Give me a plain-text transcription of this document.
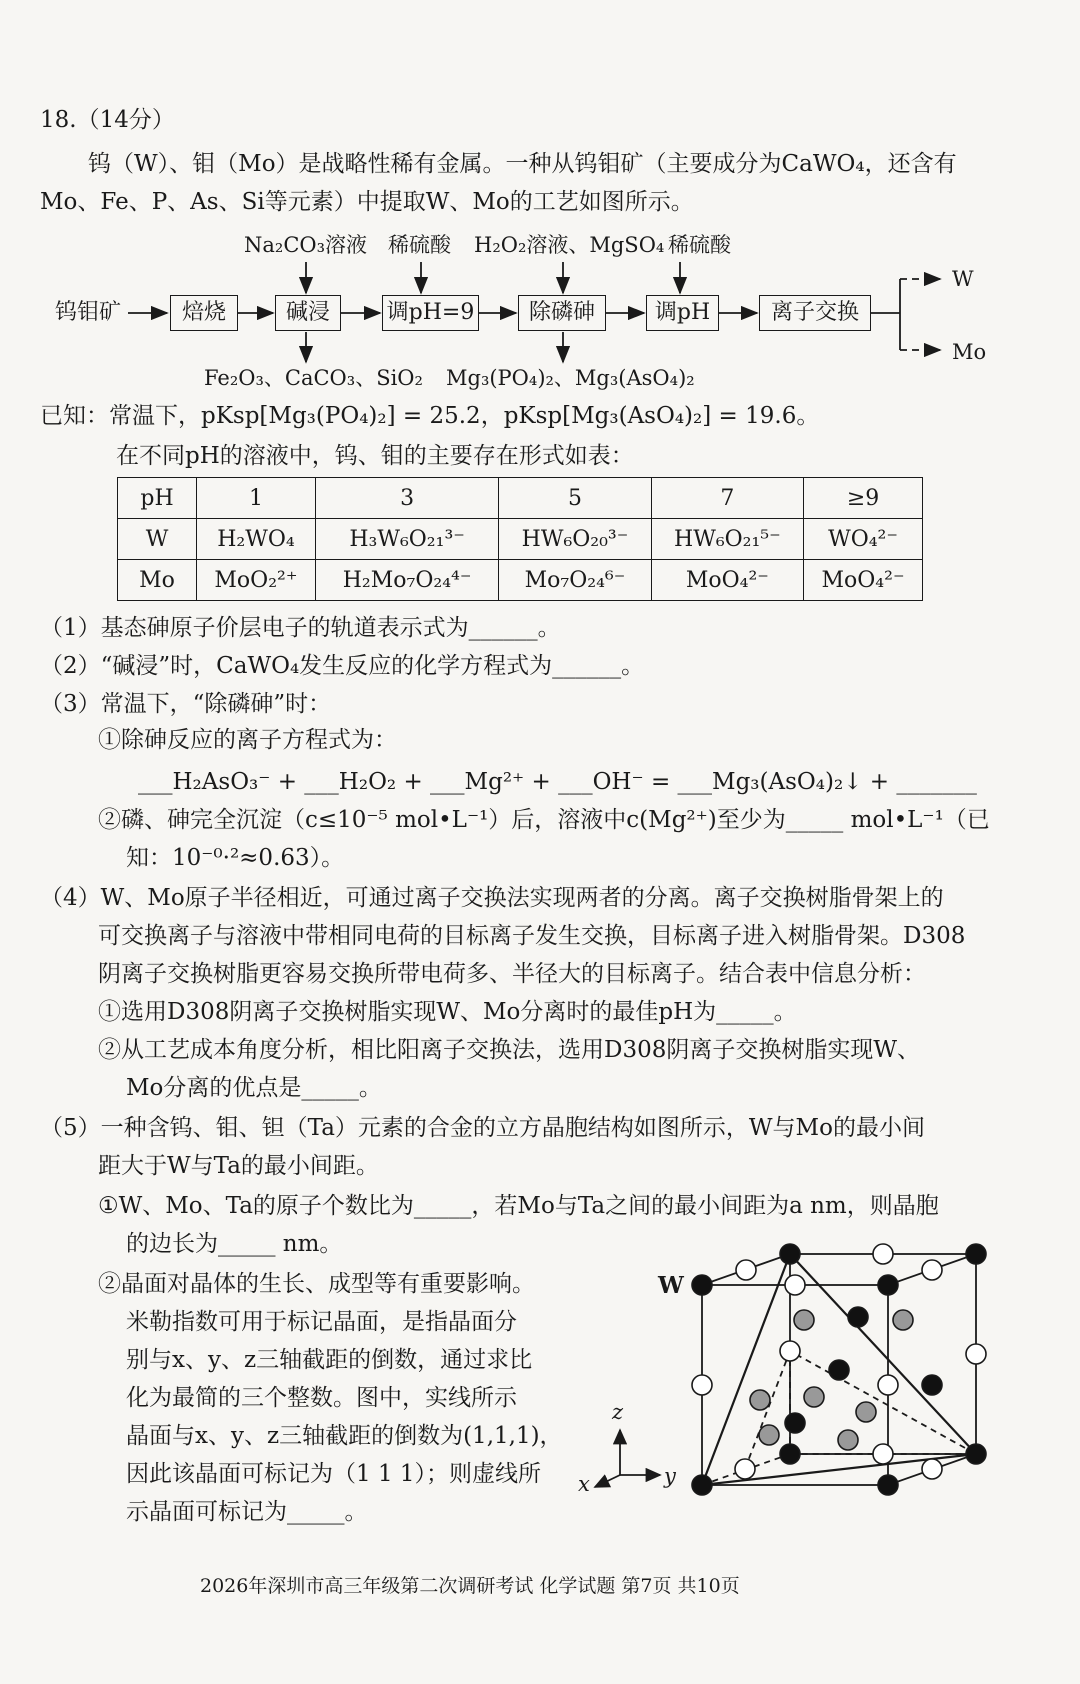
18.（14分）
钨（W）、钼（Mo）是战略性稀有金属。一种从钨钼矿（主要成分为CaWO₄，还含有
Mo、Fe、P、As、Si等元素）中提取W、Mo的工艺如图所示。
钨钼矿	焙烧	碱浸	调pH=9	除磷砷	调pH	离子交换
Na₂CO₃溶液 稀硫酸 H₂O₂溶液、MgSO₄ 稀硫酸
Fe₂O₃、CaCO₃、SiO₂ Mg₃(PO₄)₂、Mg₃(AsO₄)₂
W
Mo
已知：常温下，pKsp[Mg₃(PO₄)₂] = 25.2，pKsp[Mg₃(AsO₄)₂] = 19.6。
在不同pH的溶液中，钨、钼的主要存在形式如表：
pH	1	3	5	7	≥9
W	H₂WO₄	H₃W₆O₂₁³⁻	HW₆O₂₀³⁻	HW₆O₂₁⁵⁻	WO₄²⁻
Mo	MoO₂²⁺	H₂Mo₇O₂₄⁴⁻	Mo₇O₂₄⁶⁻	MoO₄²⁻	MoO₄²⁻
（1）基态砷原子价层电子的轨道表示式为______。
（2）“碱浸”时，CaWO₄发生反应的化学方程式为______。
（3）常温下，“除磷砷”时：
①除砷反应的离子方程式为：
___H₂AsO₃⁻ + ___H₂O₂ + ___Mg²⁺ + ___OH⁻ = ___Mg₃(AsO₄)₂↓ + _______
②磷、砷完全沉淀（c≤10⁻⁵ mol•L⁻¹）后，溶液中c(Mg²⁺)至少为_____ mol•L⁻¹（已
知：10⁻⁰·²≈0.63）。
（4）W、Mo原子半径相近，可通过离子交换法实现两者的分离。离子交换树脂骨架上的
可交换离子与溶液中带相同电荷的目标离子发生交换，目标离子进入树脂骨架。D308
阴离子交换树脂更容易交换所带电荷多、半径大的目标离子。结合表中信息分析：
①选用D308阴离子交换树脂实现W、Mo分离时的最佳pH为_____。
②从工艺成本角度分析，相比阳离子交换法，选用D308阴离子交换树脂实现W、
Mo分离的优点是_____。
（5）一种含钨、钼、钽（Ta）元素的合金的立方晶胞结构如图所示，W与Mo的最小间
距大于W与Ta的最小间距。
①W、Mo、Ta的原子个数比为_____，若Mo与Ta之间的最小间距为a nm，则晶胞
的边长为_____ nm。
②晶面对晶体的生长、成型等有重要影响。
米勒指数可用于标记晶面，是指晶面分
别与x、y、z三轴截距的倒数，通过求比
化为最简的三个整数。图中，实线所示
晶面与x、y、z三轴截距的倒数为(1,1,1)，
因此该晶面可标记为（1 1 1）；则虚线所
示晶面可标记为_____。
W
z
y
x
2026年深圳市高三年级第二次调研考试 化学试题 第7页 共10页
